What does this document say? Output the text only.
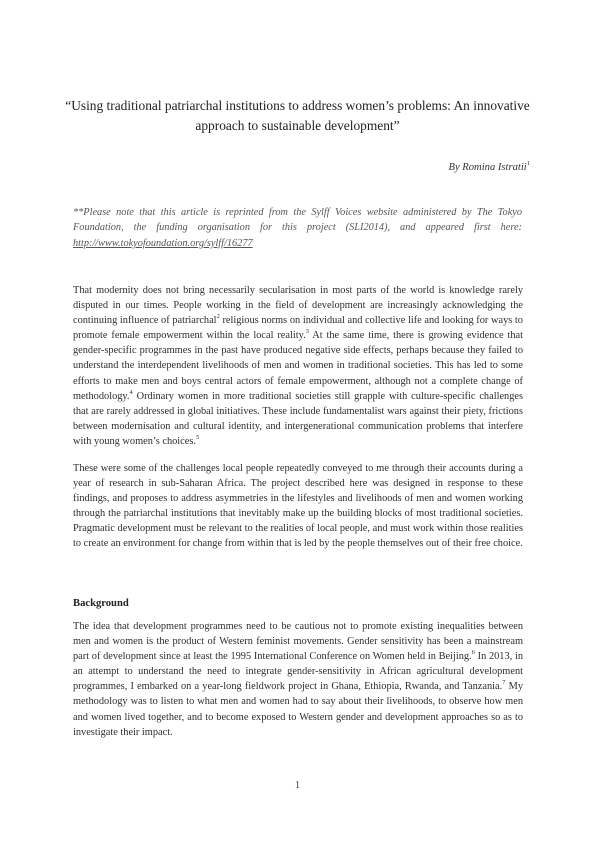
“Using traditional patriarchal institutions to address women’s problems: An innovative approach to sustainable development”
By Romina Istratii$^1$
**Please note that this article is reprinted from the Sylff Voices website administered by The Tokyo Foundation, the funding organisation for this project (SLI2014), and appeared first here: http://www.tokyofoundation.org/sylff/16277

That modernity does not bring necessarily secularisation in most parts of the world is knowledge rarely disputed in our times. People working in the field of development are increasingly acknowledging the continuing influence of patriarchal$^2$ religious norms on individual and collective life and looking for ways to promote female empowerment within the local reality.$^3$ At the same time, there is growing evidence that gender-specific programmes in the past have produced negative side effects, perhaps because they failed to understand the interdependent livelihoods of men and women in traditional societies. This has led to some efforts to make men and boys central actors of female empowerment, although not a complete change of methodology.$^4$ Ordinary women in more traditional societies still grapple with culture-specific challenges that are rarely addressed in global initiatives. These include fundamentalist wars against their piety, frictions between modernisation and cultural identity, and intergenerational communication problems that interfere with young women’s choices.$^5$

These were some of the challenges local people repeatedly conveyed to me through their accounts during a year of research in sub-Saharan Africa. The project described here was designed in response to these findings, and proposes to address asymmetries in the lifestyles and livelihoods of men and women working through the patriarchal institutions that inevitably make up the building blocks of most traditional societies. Pragmatic development must be relevant to the realities of local people, and must work within those realities to create an environment for change from within that is led by the people themselves out of their free choice.

Background

The idea that development programmes need to be cautious not to promote existing inequalities between men and women is the product of Western feminist movements. Gender sensitivity has been a mainstream part of development since at least the 1995 International Conference on Women held in Beijing.$^6$ In 2013, in an attempt to understand the need to integrate gender-sensitivity in African agricultural development programmes, I embarked on a year-long fieldwork project in Ghana, Ethiopia, Rwanda, and Tanzania.$^7$ My methodology was to listen to what men and women had to say about their livelihoods, to observe how men and women lived together, and to become exposed to Western gender and development approaches so as to investigate their impact.

1
